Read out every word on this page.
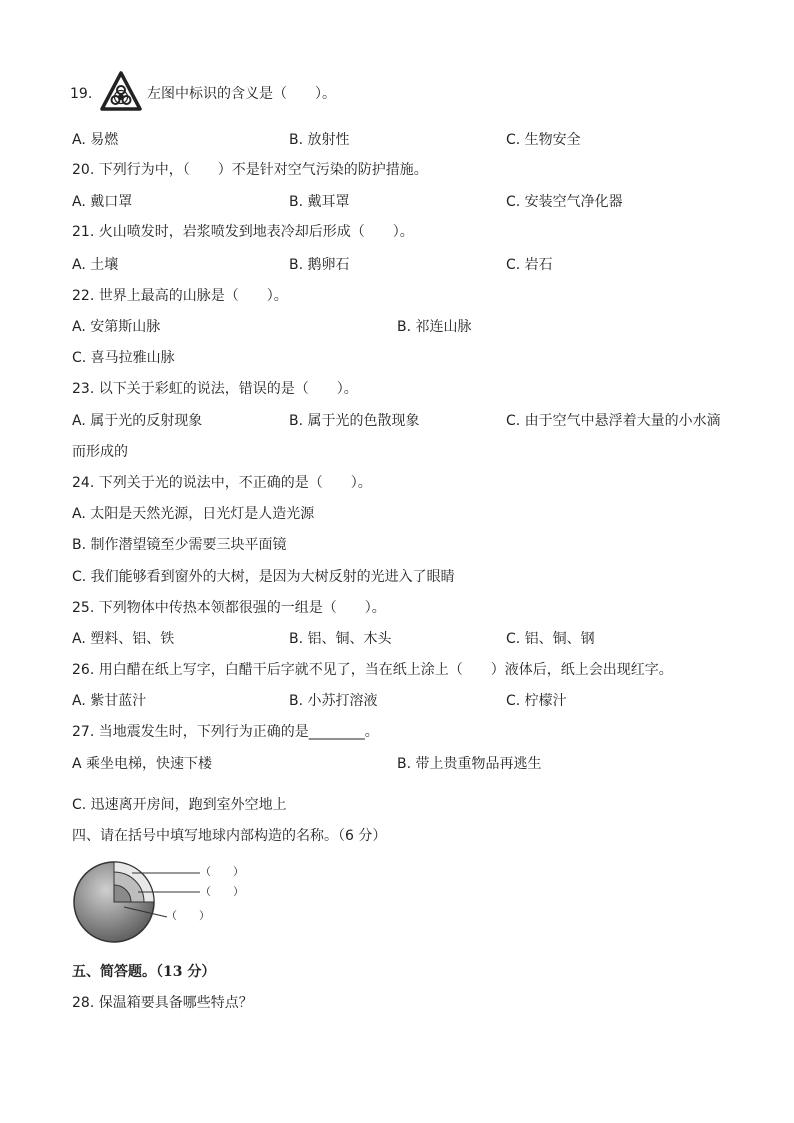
19.	左图中标识的含义是（　　）。
A. 易燃	B. 放射性	C. 生物安全
20. 下列行为中，（　　）不是针对空气污染的防护措施。
A. 戴口罩	B. 戴耳罩	C. 安装空气净化器
21. 火山喷发时，岩浆喷发到地表冷却后形成（　　）。
A. 土壤	B. 鹅卵石	C. 岩石
22. 世界上最高的山脉是（　　）。
A. 安第斯山脉	B. 祁连山脉
C. 喜马拉雅山脉
23. 以下关于彩虹的说法，错误的是（　　）。
A. 属于光的反射现象	B. 属于光的色散现象	C. 由于空气中悬浮着大量的小水滴
而形成的
24. 下列关于光的说法中，不正确的是（　　）。
A. 太阳是天然光源，日光灯是人造光源
B. 制作潜望镜至少需要三块平面镜
C. 我们能够看到窗外的大树，是因为大树反射的光进入了眼睛
25. 下列物体中传热本领都很强的一组是（　　）。
A. 塑料、铝、铁	B. 铝、铜、木头	C. 铝、铜、钢
26. 用白醋在纸上写字，白醋干后字就不见了，当在纸上涂上（　　）液体后，纸上会出现红字。
A. 紫甘蓝汁	B. 小苏打溶液	C. 柠檬汁
27. 当地震发生时，下列行为正确的是________。
A 乘坐电梯，快速下楼	B. 带上贵重物品再逃生
C. 迅速离开房间，跑到室外空地上
四、请在括号中填写地球内部构造的名称。（6 分）
（　　）
（　　）
（　　）
五、简答题。（13 分）
28. 保温箱要具备哪些特点？
